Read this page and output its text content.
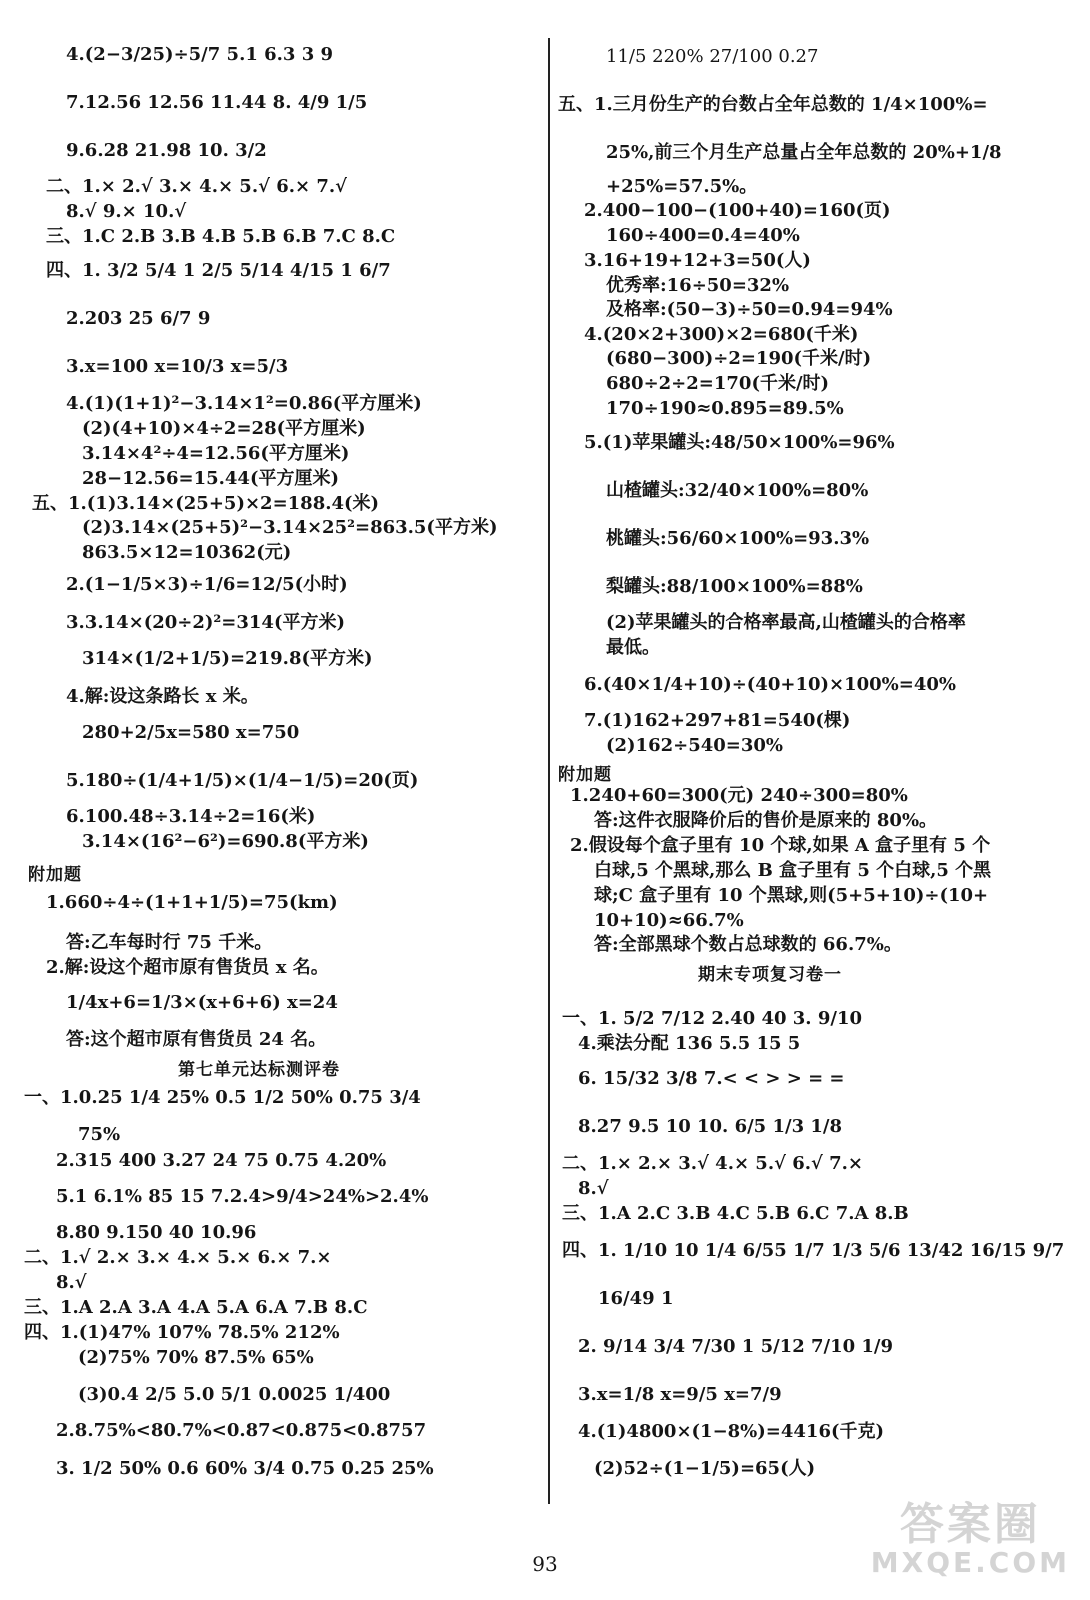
4.(2−3/25)÷5/7 5.1 6.3 3 9
7.12.56 12.56 11.44 8. 4/9 1/5
9.6.28 21.98 10. 3/2
二、1.× 2.√ 3.× 4.× 5.√ 6.× 7.√
8.√ 9.× 10.√
三、1.C 2.B 3.B 4.B 5.B 6.B 7.C 8.C
四、1. 3/2 5/4 1 2/5 5/14 4/15 1 6/7
2.203 25 6/7 9
3.x=100 x=10/3 x=5/3
4.(1)(1+1)²−3.14×1²=0.86(平方厘米)
(2)(4+10)×4÷2=28(平方厘米)
3.14×4²÷4=12.56(平方厘米)
28−12.56=15.44(平方厘米)
五、1.(1)3.14×(25+5)×2=188.4(米)
(2)3.14×(25+5)²−3.14×25²=863.5(平方米)
863.5×12=10362(元)
2.(1−1/5×3)÷1/6=12/5(小时)
3.3.14×(20÷2)²=314(平方米)
314×(1/2+1/5)=219.8(平方米)
4.解:设这条路长 x 米。
280+2/5x=580 x=750
5.180÷(1/4+1/5)×(1/4−1/5)=20(页)
6.100.48÷3.14÷2=16(米)
3.14×(16²−6²)=690.8(平方米)
附加题
1.660÷4÷(1+1+1/5)=75(km)
答:乙车每时行 75 千米。
2.解:设这个超市原有售货员 x 名。
1/4x+6=1/3×(x+6+6) x=24
答:这个超市原有售货员 24 名。
第七单元达标测评卷
一、1.0.25 1/4 25% 0.5 1/2 50% 0.75 3/4
75%
2.315 400 3.27 24 75 0.75 4.20%
5.1 6.1% 85 15 7.2.4>9/4>24%>2.4%
8.80 9.150 40 10.96
二、1.√ 2.× 3.× 4.× 5.× 6.× 7.×
8.√
三、1.A 2.A 3.A 4.A 5.A 6.A 7.B 8.C
四、1.(1)47% 107% 78.5% 212%
(2)75% 70% 87.5% 65%
(3)0.4 2/5 5.0 5/1 0.0025 1/400
2.8.75%<80.7%<0.87<0.875<0.8757
3. 1/2 50% 0.6 60% 3/4 0.75 0.25 25%
11/5 220% 27/100 0.27
五、1.三月份生产的台数占全年总数的 1/4×100%=
25%,前三个月生产总量占全年总数的 20%+1/8
+25%=57.5%。
2.400−100−(100+40)=160(页)
160÷400=0.4=40%
3.16+19+12+3=50(人)
优秀率:16÷50=32%
及格率:(50−3)÷50=0.94=94%
4.(20×2+300)×2=680(千米)
(680−300)÷2=190(千米/时)
680÷2÷2=170(千米/时)
170÷190≈0.895=89.5%
5.(1)苹果罐头:48/50×100%=96%
山楂罐头:32/40×100%=80%
桃罐头:56/60×100%=93.3%
梨罐头:88/100×100%=88%
(2)苹果罐头的合格率最高,山楂罐头的合格率
最低。
6.(40×1/4+10)÷(40+10)×100%=40%
7.(1)162+297+81=540(棵)
(2)162÷540=30%
附加题
1.240+60=300(元) 240÷300=80%
答:这件衣服降价后的售价是原来的 80%。
2.假设每个盒子里有 10 个球,如果 A 盒子里有 5 个
白球,5 个黑球,那么 B 盒子里有 5 个白球,5 个黑
球;C 盒子里有 10 个黑球,则(5+5+10)÷(10+
10+10)≈66.7%
答:全部黑球个数占总球数的 66.7%。
期末专项复习卷一
一、1. 5/2 7/12 2.40 40 3. 9/10
4.乘法分配 136 5.5 15 5
6. 15/32 3/8 7.< < > > = =
8.27 9.5 10 10. 6/5 1/3 1/8
二、1.× 2.× 3.√ 4.× 5.√ 6.√ 7.×
8.√
三、1.A 2.C 3.B 4.C 5.B 6.C 7.A 8.B
四、1. 1/10 10 1/4 6/55 1/7 1/3 5/6 13/42 16/15 9/7
16/49 1
2. 9/14 3/4 7/30 1 5/12 7/10 1/9
3.x=1/8 x=9/5 x=7/9
4.(1)4800×(1−8%)=4416(千克)
(2)52÷(1−1/5)=65(人)
93
答案圈
MXQE.COM
